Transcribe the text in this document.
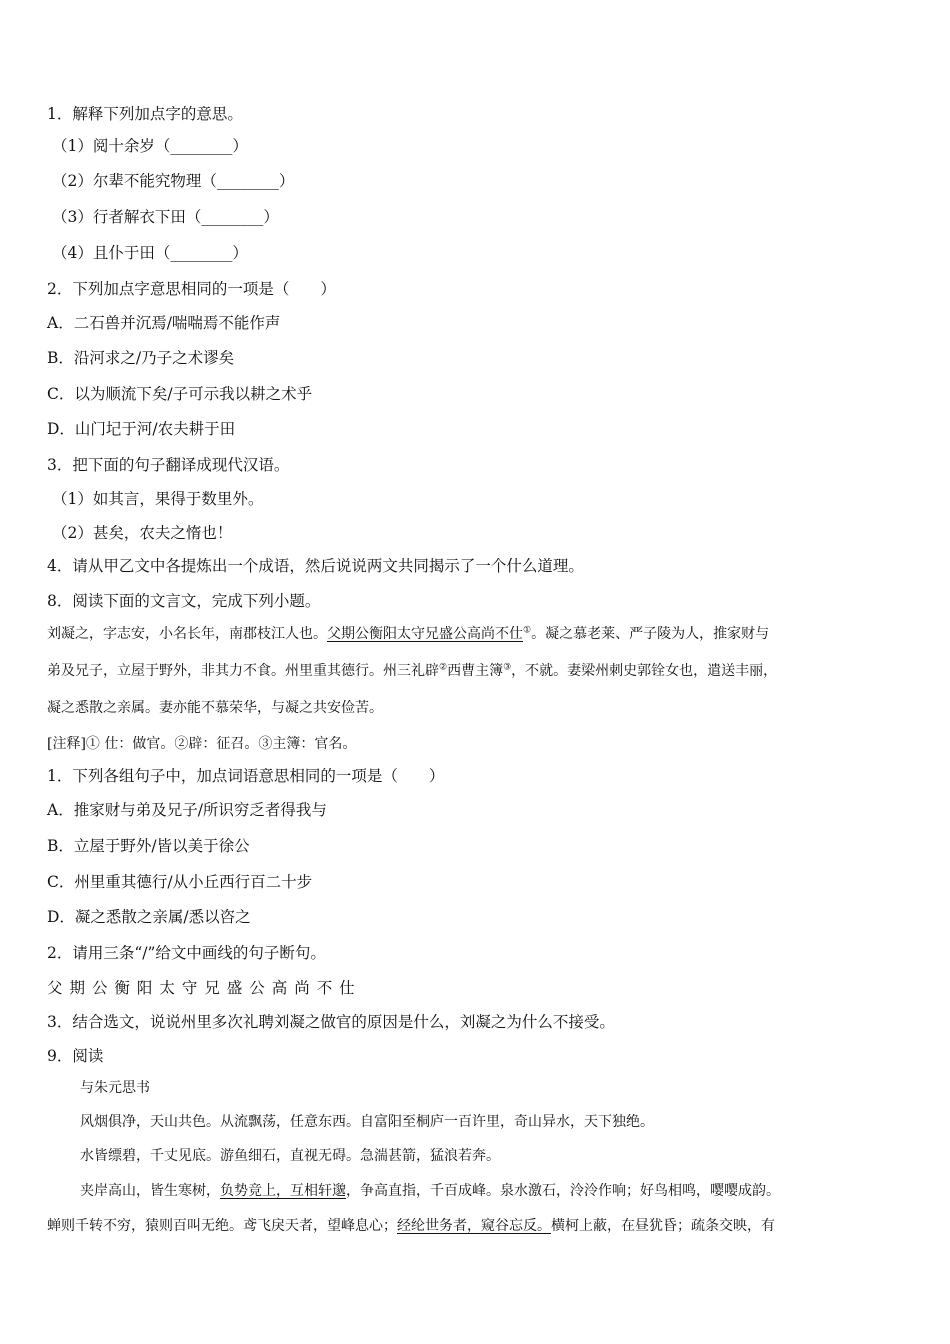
1．解释下列加点字的意思。
（1）阅十余岁（________）
（2）尔辈不能究物理（________）
（3）行者解衣下田（________）
（4）且仆于田（________）
2．下列加点字意思相同的一项是（　　）
A．二石兽并沉焉/喘喘焉不能作声
B．沿河求之/乃子之术谬矣
C．以为顺流下矣/子可示我以耕之术乎
D．山门圮于河/农夫耕于田
3．把下面的句子翻译成现代汉语。
（1）如其言，果得于数里外。
（2）甚矣，农夫之惰也！
4．请从甲乙文中各提炼出一个成语，然后说说两文共同揭示了一个什么道理。
8．阅读下面的文言文，完成下列小题。
刘凝之，字志安，小名长年，南郡枝江人也。父期公衡阳太守兄盛公高尚不仕①。凝之慕老莱、严子陵为人，推家财与
弟及兄子，立屋于野外，非其力不食。州里重其德行。州三礼辟②西曹主簿③，不就。妻梁州刺史郭铨女也，遣送丰丽，
凝之悉散之亲属。妻亦能不慕荣华，与凝之共安俭苦。
[注释]① 仕：做官。②辟：征召。③主簿：官名。
1．下列各组句子中，加点词语意思相同的一项是（　　）
A．推家财与弟及兄子/所识穷乏者得我与
B．立屋于野外/皆以美于徐公
C．州里重其德行/从小丘西行百二十步
D．凝之悉散之亲属/悉以咨之
2．请用三条“/”给文中画线的句子断句。
父期公衡阳太守兄盛公高尚不仕
3．结合选文，说说州里多次礼聘刘凝之做官的原因是什么，刘凝之为什么不接受。
9．阅读
与朱元思书
风烟俱净，天山共色。从流飘荡，任意东西。自富阳至桐庐一百许里，奇山异水，天下独绝。
水皆缥碧，千丈见底。游鱼细石，直视无碍。急湍甚箭，猛浪若奔。
夹岸高山，皆生寒树，负势竞上，互相轩邈，争高直指，千百成峰。泉水激石，泠泠作响；好鸟相鸣，嘤嘤成韵。
蝉则千转不穷，猿则百叫无绝。鸢飞戾天者，望峰息心；经纶世务者，窥谷忘反。横柯上蔽，在昼犹昏；疏条交映，有
